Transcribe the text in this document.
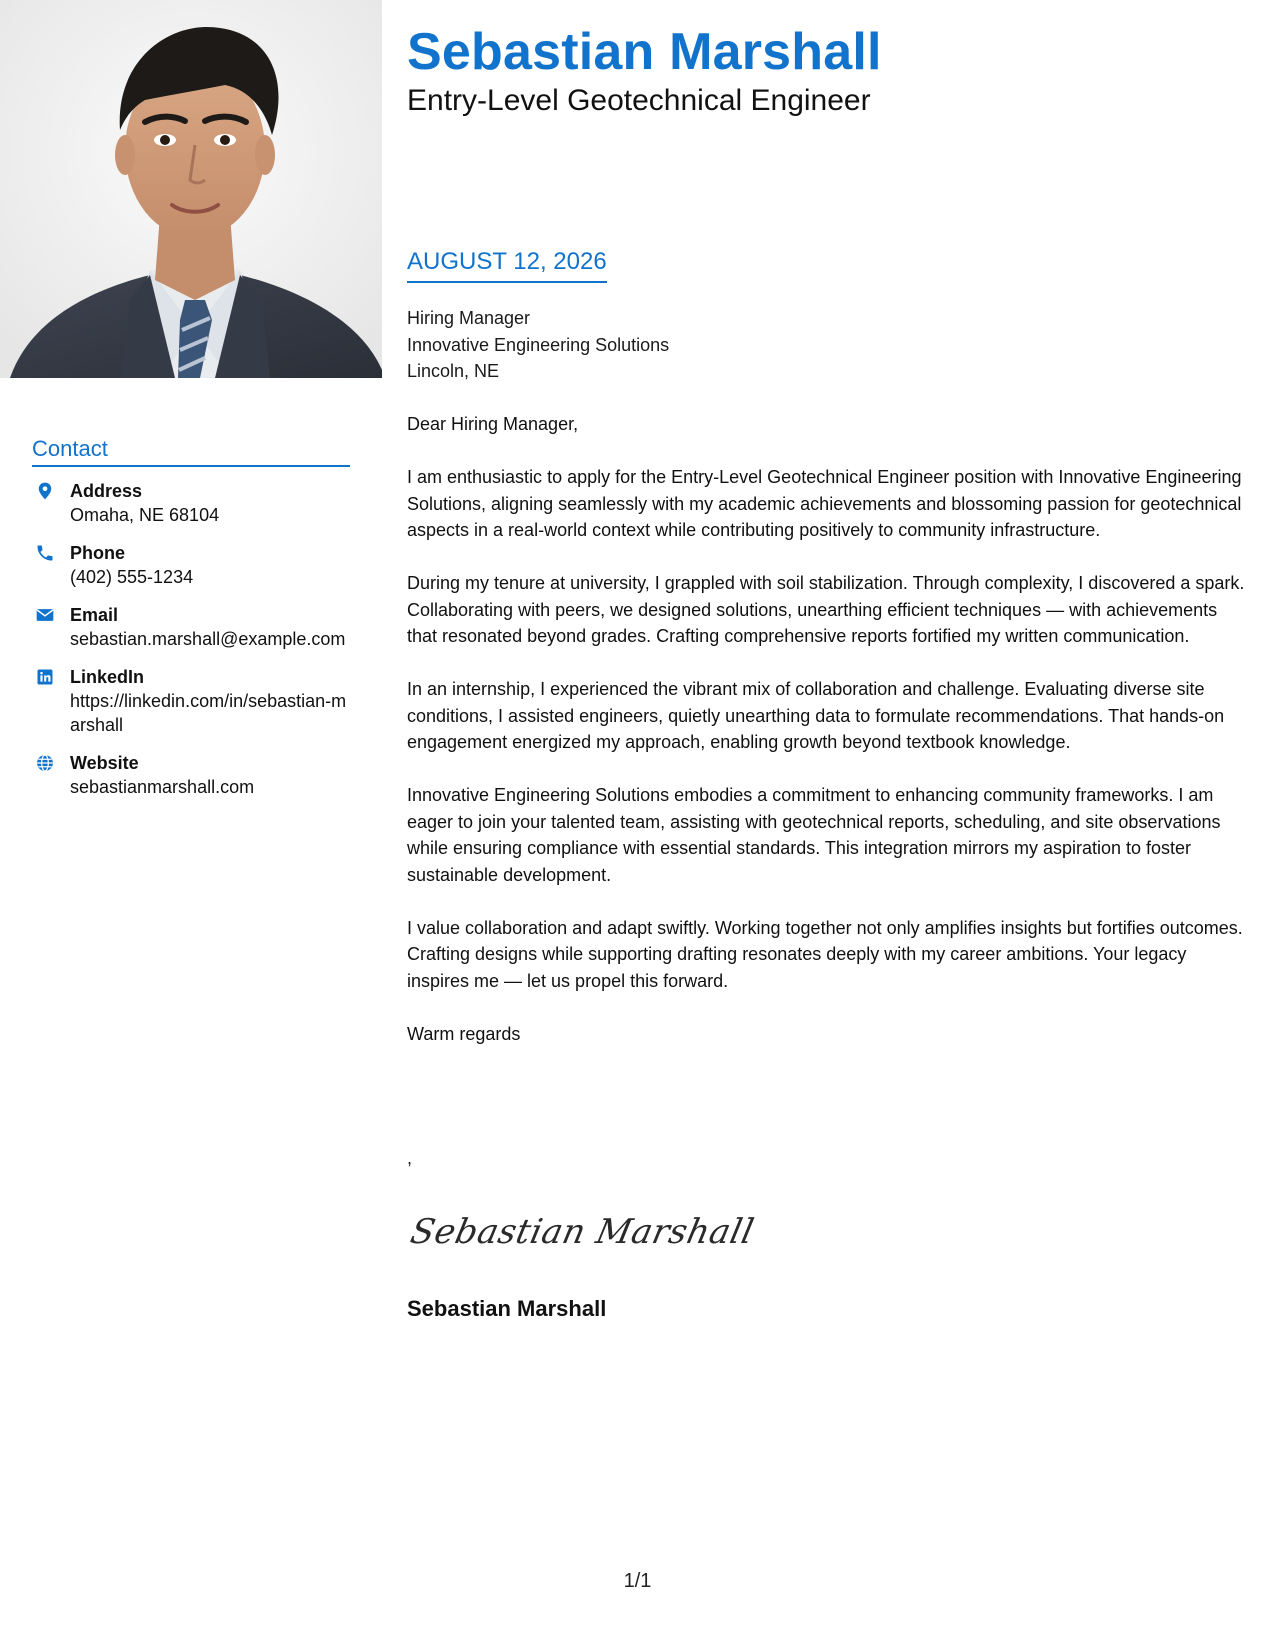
Contact
Address
Omaha, NE 68104
Phone
(402) 555-1234
Email
sebastian.marshall@example.com
LinkedIn
https://linkedin.com/in/sebastian-marshall
Website
sebastianmarshall.com
Sebastian Marshall
Entry-Level Geotechnical Engineer
AUGUST 12, 2026
Hiring Manager
Innovative Engineering Solutions
Lincoln, NE

Dear Hiring Manager,

I am enthusiastic to apply for the Entry-Level Geotechnical Engineer position with Innovative Engineering Solutions, aligning seamlessly with my academic achievements and blossoming passion for geotechnical aspects in a real-world context while contributing positively to community infrastructure.

During my tenure at university, I grappled with soil stabilization. Through complexity, I discovered a spark. Collaborating with peers, we designed solutions, unearthing efficient techniques — with achievements that resonated beyond grades. Crafting comprehensive reports fortified my written communication.

In an internship, I experienced the vibrant mix of collaboration and challenge. Evaluating diverse site conditions, I assisted engineers, quietly unearthing data to formulate recommendations. That hands-on engagement energized my approach, enabling growth beyond textbook knowledge.

Innovative Engineering Solutions embodies a commitment to enhancing community frameworks. I am eager to join your talented team, assisting with geotechnical reports, scheduling, and site observations while ensuring compliance with essential standards. This integration mirrors my aspiration to foster sustainable development.

I value collaboration and adapt swiftly. Working together not only amplifies insights but fortifies outcomes. Crafting designs while supporting drafting resonates deeply with my career ambitions. Your legacy inspires me — let us propel this forward.

Warm regards

,
Sebastian Marshall
Sebastian Marshall
1/1
